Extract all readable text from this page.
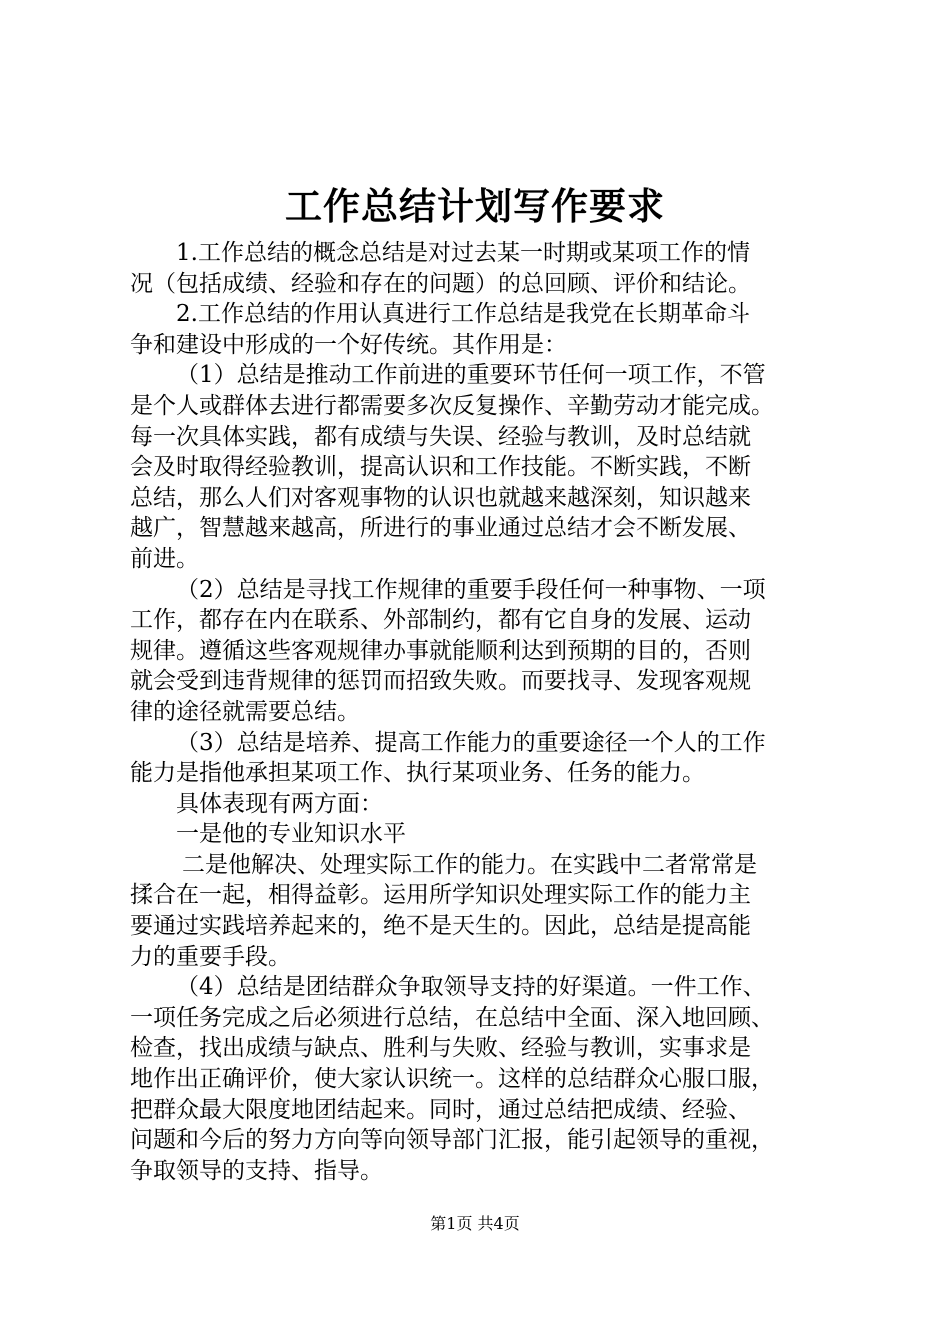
工作总结计划写作要求
1.工作总结的概念总结是对过去某一时期或某项工作的情
况（包括成绩、经验和存在的问题）的总回顾、评价和结论。
2.工作总结的作用认真进行工作总结是我党在长期革命斗
争和建设中形成的一个好传统。其作用是：
（1）总结是推动工作前进的重要环节任何一项工作，不管
是个人或群体去进行都需要多次反复操作、辛勤劳动才能完成。
每一次具体实践，都有成绩与失误、经验与教训，及时总结就
会及时取得经验教训，提高认识和工作技能。不断实践，不断
总结，那么人们对客观事物的认识也就越来越深刻，知识越来
越广，智慧越来越高，所进行的事业通过总结才会不断发展、
前进。
（2）总结是寻找工作规律的重要手段任何一种事物、一项
工作，都存在内在联系、外部制约，都有它自身的发展、运动
规律。遵循这些客观规律办事就能顺利达到预期的目的，否则
就会受到违背规律的惩罚而招致失败。而要找寻、发现客观规
律的途径就需要总结。
（3）总结是培养、提高工作能力的重要途径一个人的工作
能力是指他承担某项工作、执行某项业务、任务的能力。
具体表现有两方面：
一是他的专业知识水平
二是他解决、处理实际工作的能力。在实践中二者常常是
揉合在一起，相得益彰。运用所学知识处理实际工作的能力主
要通过实践培养起来的，绝不是天生的。因此，总结是提高能
力的重要手段。
（4）总结是团结群众争取领导支持的好渠道。一件工作、
一项任务完成之后必须进行总结，在总结中全面、深入地回顾、
检查，找出成绩与缺点、胜利与失败、经验与教训，实事求是
地作出正确评价，使大家认识统一。这样的总结群众心服口服，
把群众最大限度地团结起来。同时，通过总结把成绩、经验、
问题和今后的努力方向等向领导部门汇报，能引起领导的重视，
争取领导的支持、指导。
第1页 共4页
